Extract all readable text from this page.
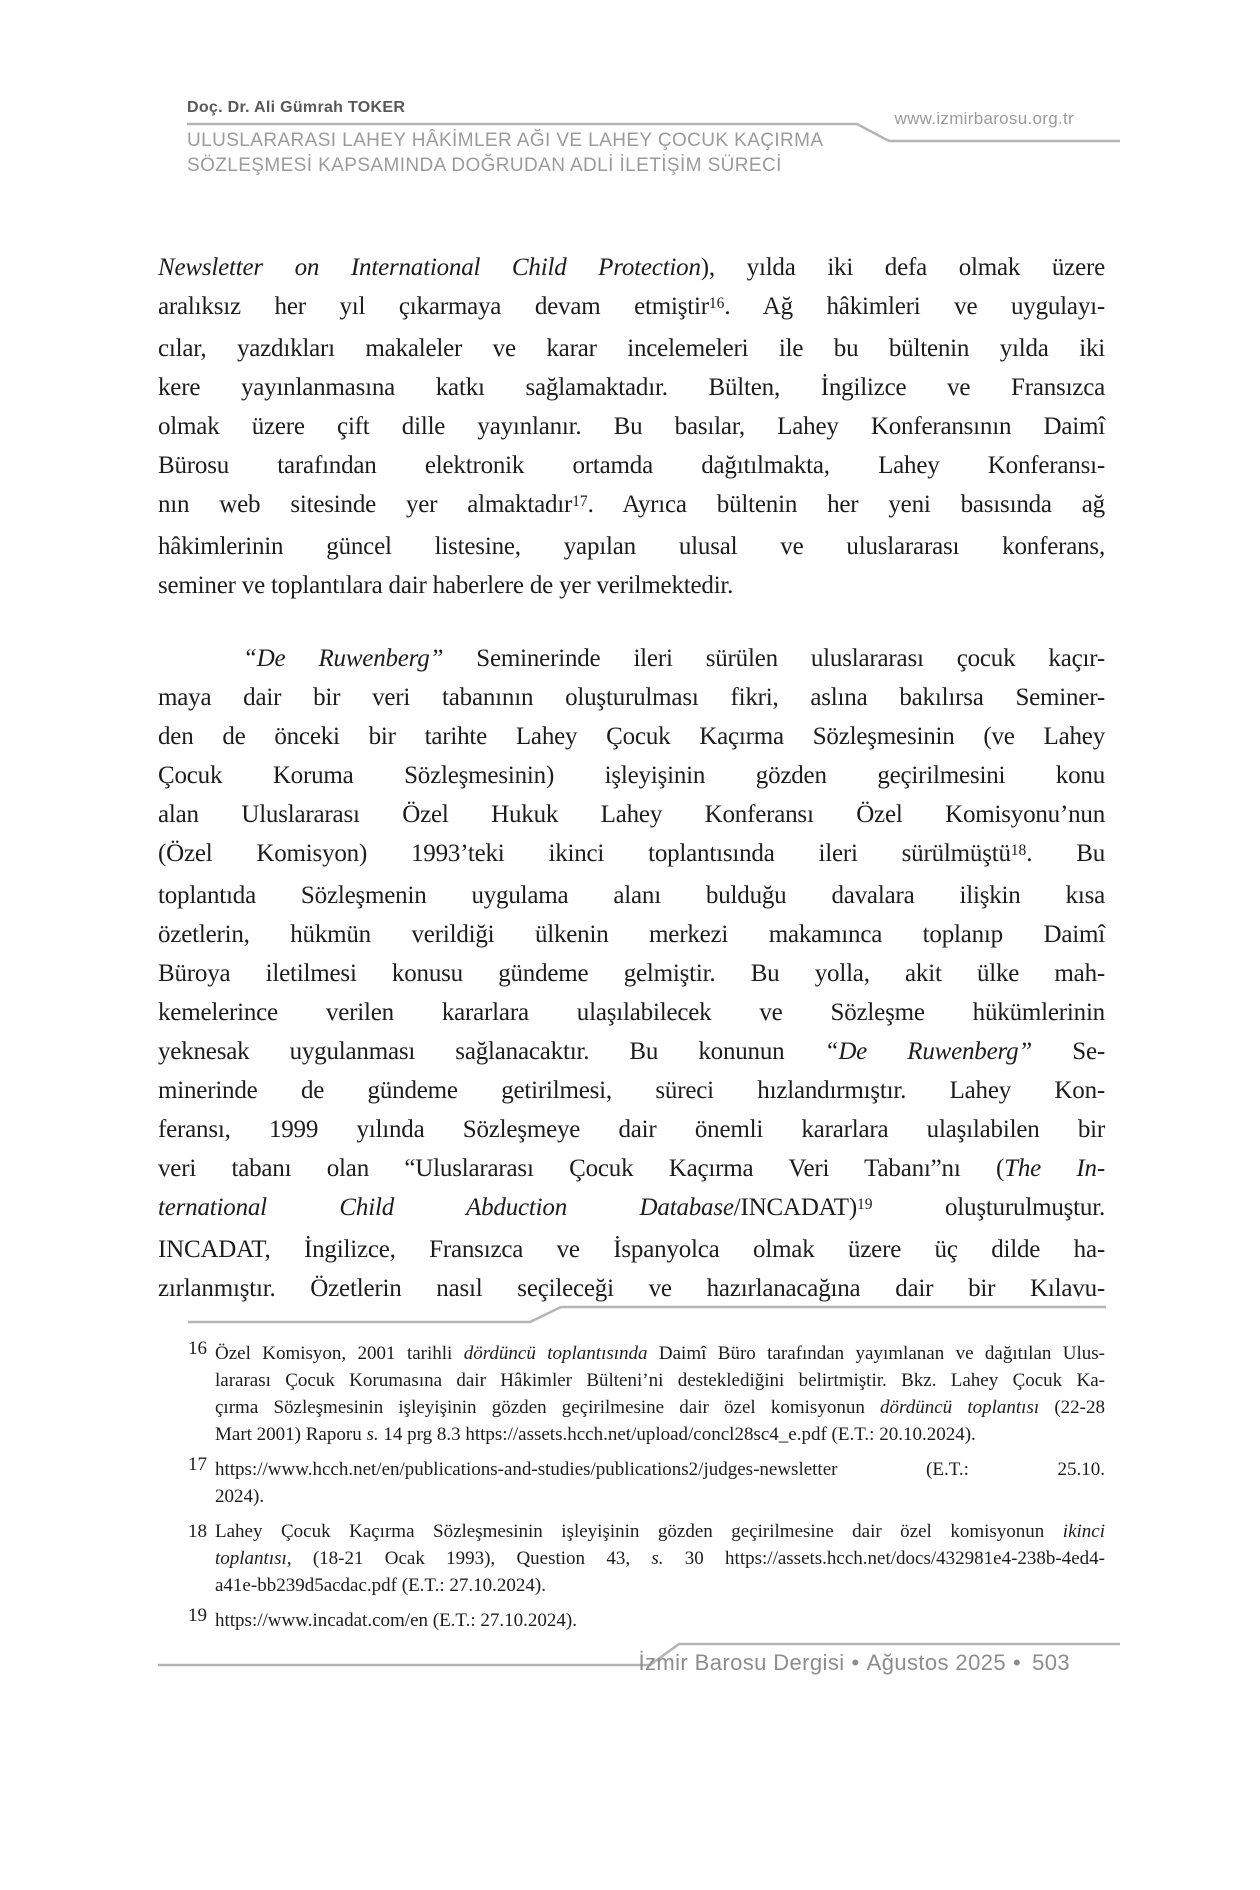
Doç. Dr. Ali Gümrah TOKER
www.izmirbarosu.org.tr
ULUSLARARASI LAHEY HÂKİMLER AĞI VE LAHEY ÇOCUK KAÇIRMA
SÖZLEŞMESİ KAPSAMINDA DOĞRUDAN ADLİ İLETİŞİM SÜRECİ
Newsletter on International Child Protection), yılda iki defa olmak üzere
aralıksız her yıl çıkarmaya devam etmiştir$^{16}$. Ağ hâkimleri ve uygulayı-
cılar, yazdıkları makaleler ve karar incelemeleri ile bu bültenin yılda iki
kere yayınlanmasına katkı sağlamaktadır. Bülten, İngilizce ve Fransızca
olmak üzere çift dille yayınlanır. Bu basılar, Lahey Konferansının Daimî
Bürosu tarafından elektronik ortamda dağıtılmakta, Lahey Konferansı-
nın web sitesinde yer almaktadır$^{17}$. Ayrıca bültenin her yeni basısında ağ
hâkimlerinin güncel listesine, yapılan ulusal ve uluslararası konferans,
seminer ve toplantılara dair haberlere de yer verilmektedir.
“De Ruwenberg” Seminerinde ileri sürülen uluslararası çocuk kaçır-
maya dair bir veri tabanının oluşturulması fikri, aslına bakılırsa Seminer-
den de önceki bir tarihte Lahey Çocuk Kaçırma Sözleşmesinin (ve Lahey
Çocuk Koruma Sözleşmesinin) işleyişinin gözden geçirilmesini konu
alan Uluslararası Özel Hukuk Lahey Konferansı Özel Komisyonu’nun
(Özel Komisyon) 1993’teki ikinci toplantısında ileri sürülmüştü$^{18}$. Bu
toplantıda Sözleşmenin uygulama alanı bulduğu davalara ilişkin kısa
özetlerin, hükmün verildiği ülkenin merkezi makamınca toplanıp Daimî
Büroya iletilmesi konusu gündeme gelmiştir. Bu yolla, akit ülke mah-
kemelerince verilen kararlara ulaşılabilecek ve Sözleşme hükümlerinin
yeknesak uygulanması sağlanacaktır. Bu konunun “De Ruwenberg” Se-
minerinde de gündeme getirilmesi, süreci hızlandırmıştır. Lahey Kon-
feransı, 1999 yılında Sözleşmeye dair önemli kararlara ulaşılabilen bir
veri tabanı olan “Uluslararası Çocuk Kaçırma Veri Tabanı”nı (The In-
ternational Child Abduction Database/INCADAT)$^{19}$ oluşturulmuştur.
INCADAT, İngilizce, Fransızca ve İspanyolca olmak üzere üç dilde ha-
zırlanmıştır. Özetlerin nasıl seçileceği ve hazırlanacağına dair bir Kılavu-
16 Özel Komisyon, 2001 tarihli dördüncü toplantısında Daimî Büro tarafından yayımlanan ve dağıtılan Ulus-
lararası Çocuk Korumasına dair Hâkimler Bülteni’ni desteklediğini belirtmiştir. Bkz. Lahey Çocuk Ka-
çırma Sözleşmesinin işleyişinin gözden geçirilmesine dair özel komisyonun dördüncü toplantısı (22-28
Mart 2001) Raporu s. 14 prg 8.3 https://assets.hcch.net/upload/concl28sc4_e.pdf (E.T.: 20.10.2024).
17 https://www.hcch.net/en/publications-and-studies/publications2/judges-newsletter (E.T.: 25.10.
2024).
18 Lahey Çocuk Kaçırma Sözleşmesinin işleyişinin gözden geçirilmesine dair özel komisyonun ikinci
toplantısı, (18-21 Ocak 1993), Question 43, s. 30 https://assets.hcch.net/docs/432981e4-238b-4ed4-
a41e-bb239d5acdac.pdf (E.T.: 27.10.2024).
19 https://www.incadat.com/en (E.T.: 27.10.2024).
İzmir Barosu Dergisi • Ağustos 2025 • 503
